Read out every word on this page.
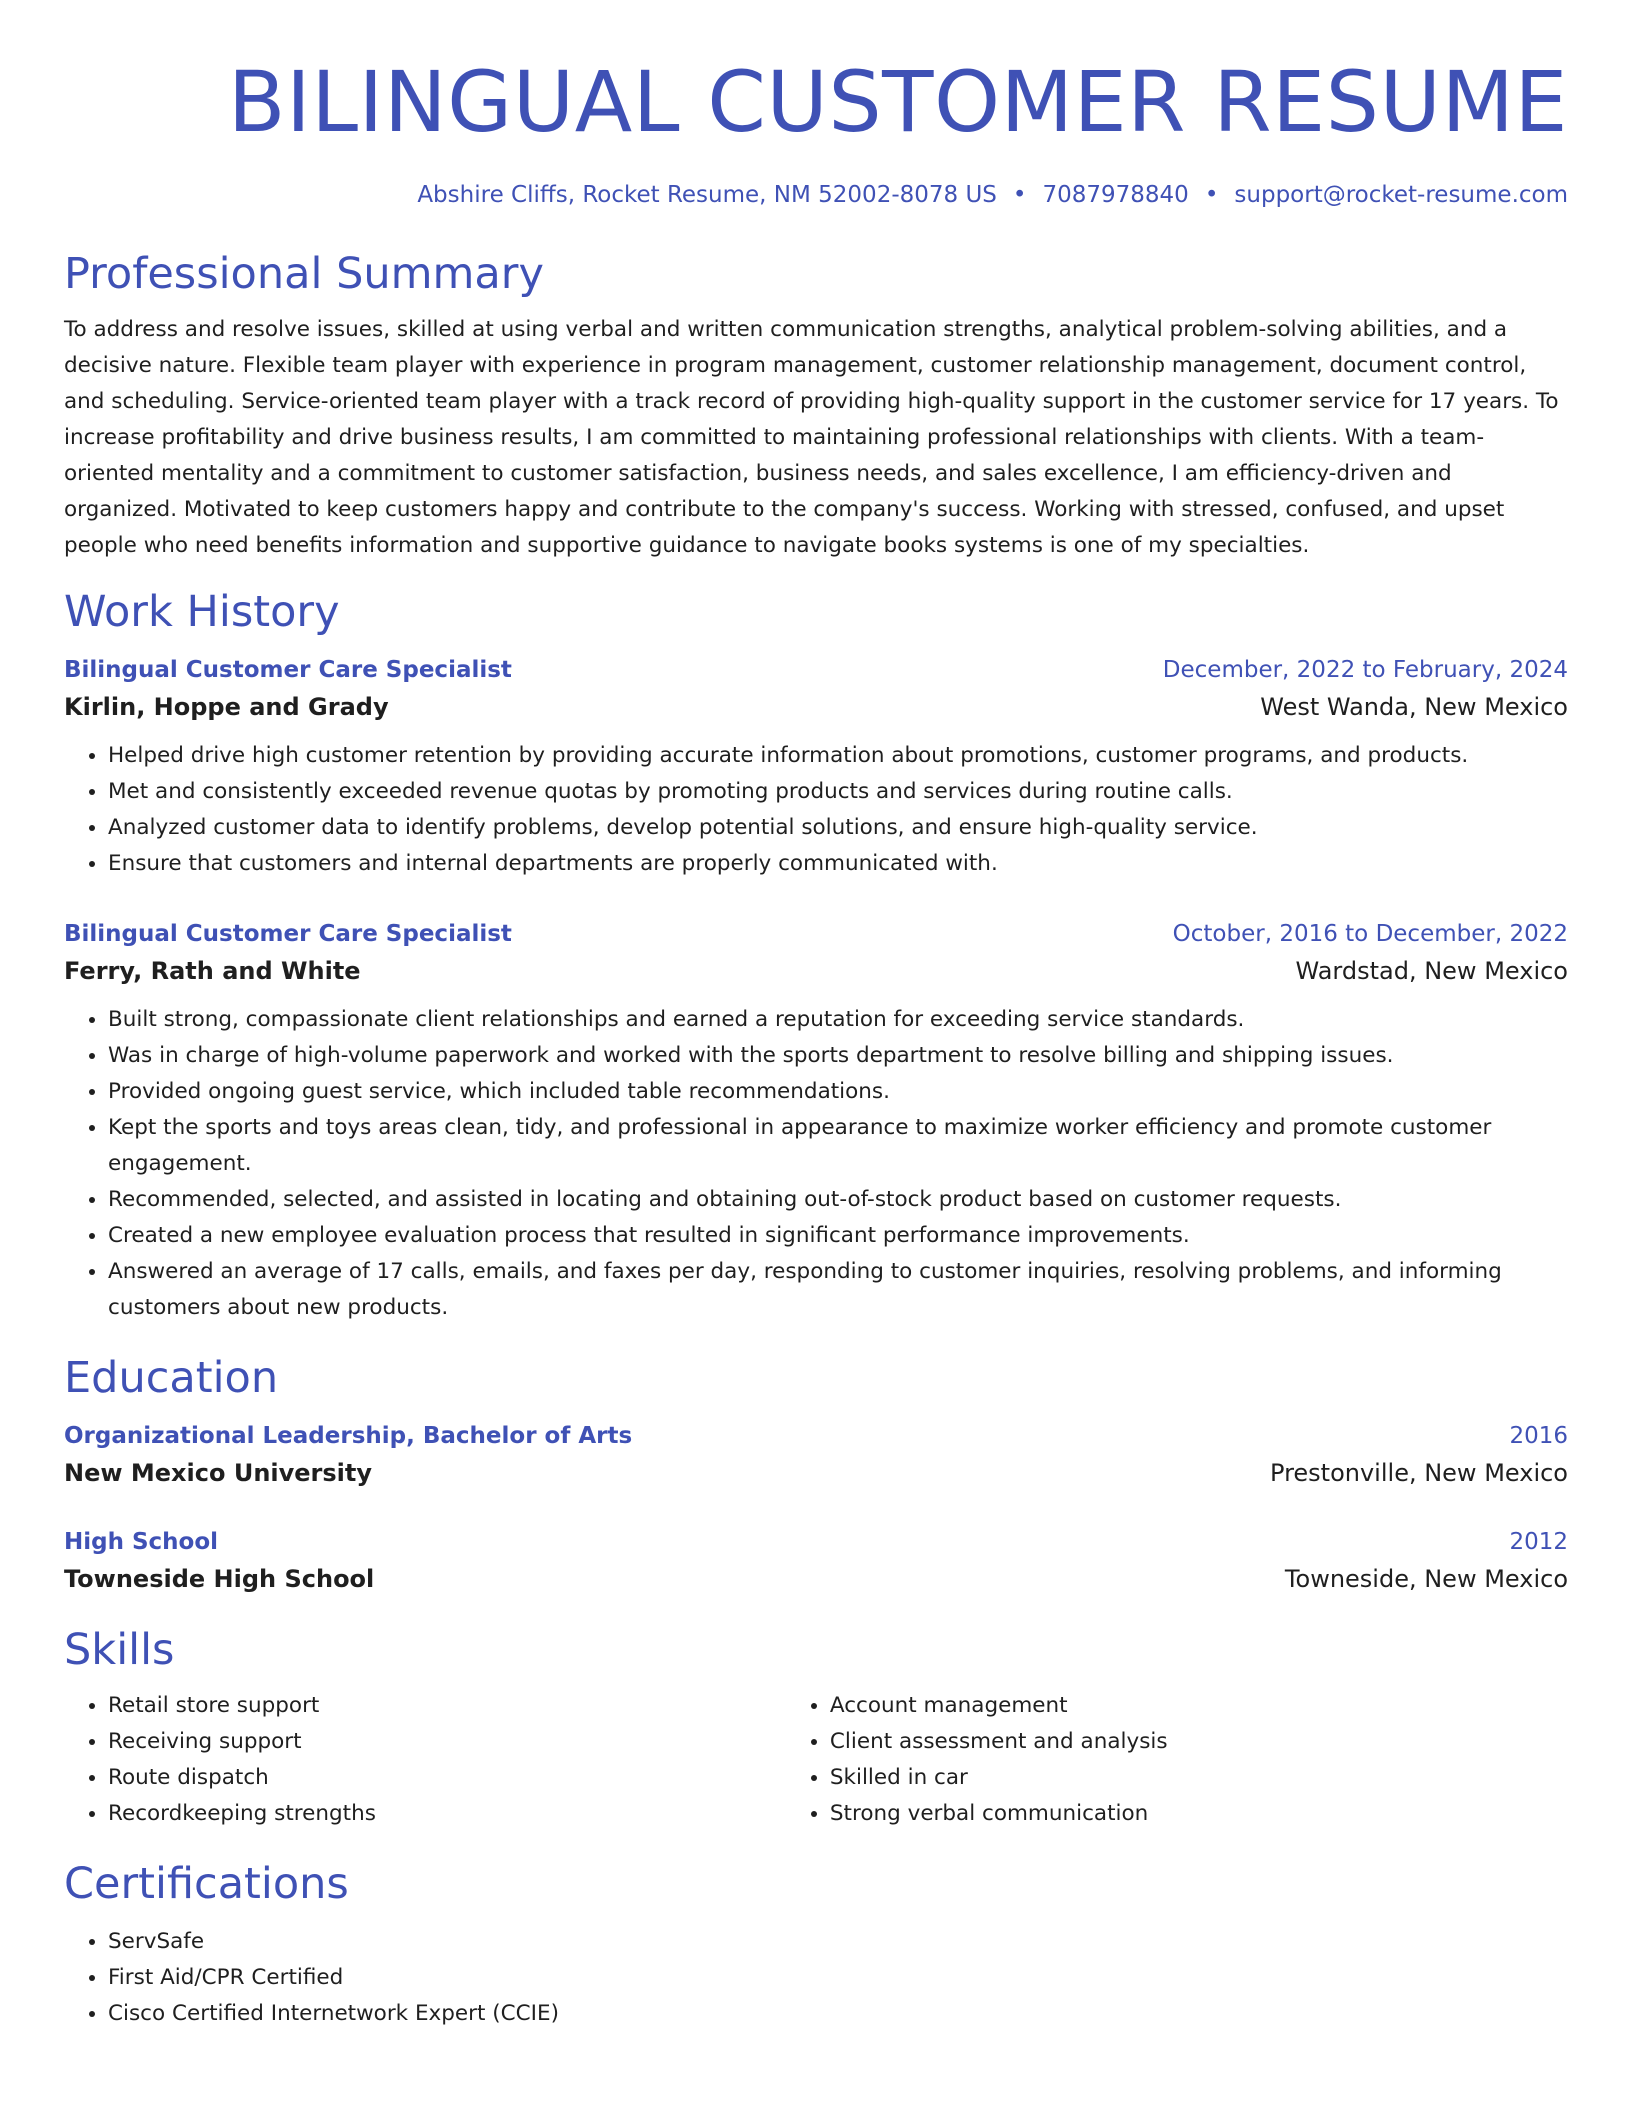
BILINGUAL CUSTOMER RESUME
Abshire Cliffs, Rocket Resume, NM 52002-8078 US • 7087978840 • support@rocket-resume.com
Professional Summary

To address and resolve issues, skilled at using verbal and written communication strengths, analytical problem-solving abilities, and a decisive nature. Flexible team player with experience in program management, customer relationship management, document control, and scheduling. Service-oriented team player with a track record of providing high-quality support in the customer service for 17 years. To increase profitability and drive business results, I am committed to maintaining professional relationships with clients. With a team-oriented mentality and a commitment to customer satisfaction, business needs, and sales excellence, I am efficiency-driven and organized. Motivated to keep customers happy and contribute to the company's success. Working with stressed, confused, and upset people who need benefits information and supportive guidance to navigate books systems is one of my specialties.

Work History
Bilingual Customer Care Specialist	December, 2022 to February, 2024
Kirlin, Hoppe and Grady	West Wanda, New Mexico
• Helped drive high customer retention by providing accurate information about promotions, customer programs, and products.
• Met and consistently exceeded revenue quotas by promoting products and services during routine calls.
• Analyzed customer data to identify problems, develop potential solutions, and ensure high-quality service.
• Ensure that customers and internal departments are properly communicated with.
Bilingual Customer Care Specialist	October, 2016 to December, 2022
Ferry, Rath and White	Wardstad, New Mexico
• Built strong, compassionate client relationships and earned a reputation for exceeding service standards.
• Was in charge of high-volume paperwork and worked with the sports department to resolve billing and shipping issues.
• Provided ongoing guest service, which included table recommendations.
• Kept the sports and toys areas clean, tidy, and professional in appearance to maximize worker efficiency and promote customer engagement.
• Recommended, selected, and assisted in locating and obtaining out-of-stock product based on customer requests.
• Created a new employee evaluation process that resulted in significant performance improvements.
• Answered an average of 17 calls, emails, and faxes per day, responding to customer inquiries, resolving problems, and informing customers about new products.
Education
Organizational Leadership, Bachelor of Arts	2016
New Mexico University	Prestonville, New Mexico
High School	2012
Towneside High School	Towneside, New Mexico
Skills
• Retail store support
• Receiving support
• Route dispatch
• Recordkeeping strengths
• Account management
• Client assessment and analysis
• Skilled in car
• Strong verbal communication
Certifications
• ServSafe
• First Aid/CPR Certified
• Cisco Certified Internetwork Expert (CCIE)
